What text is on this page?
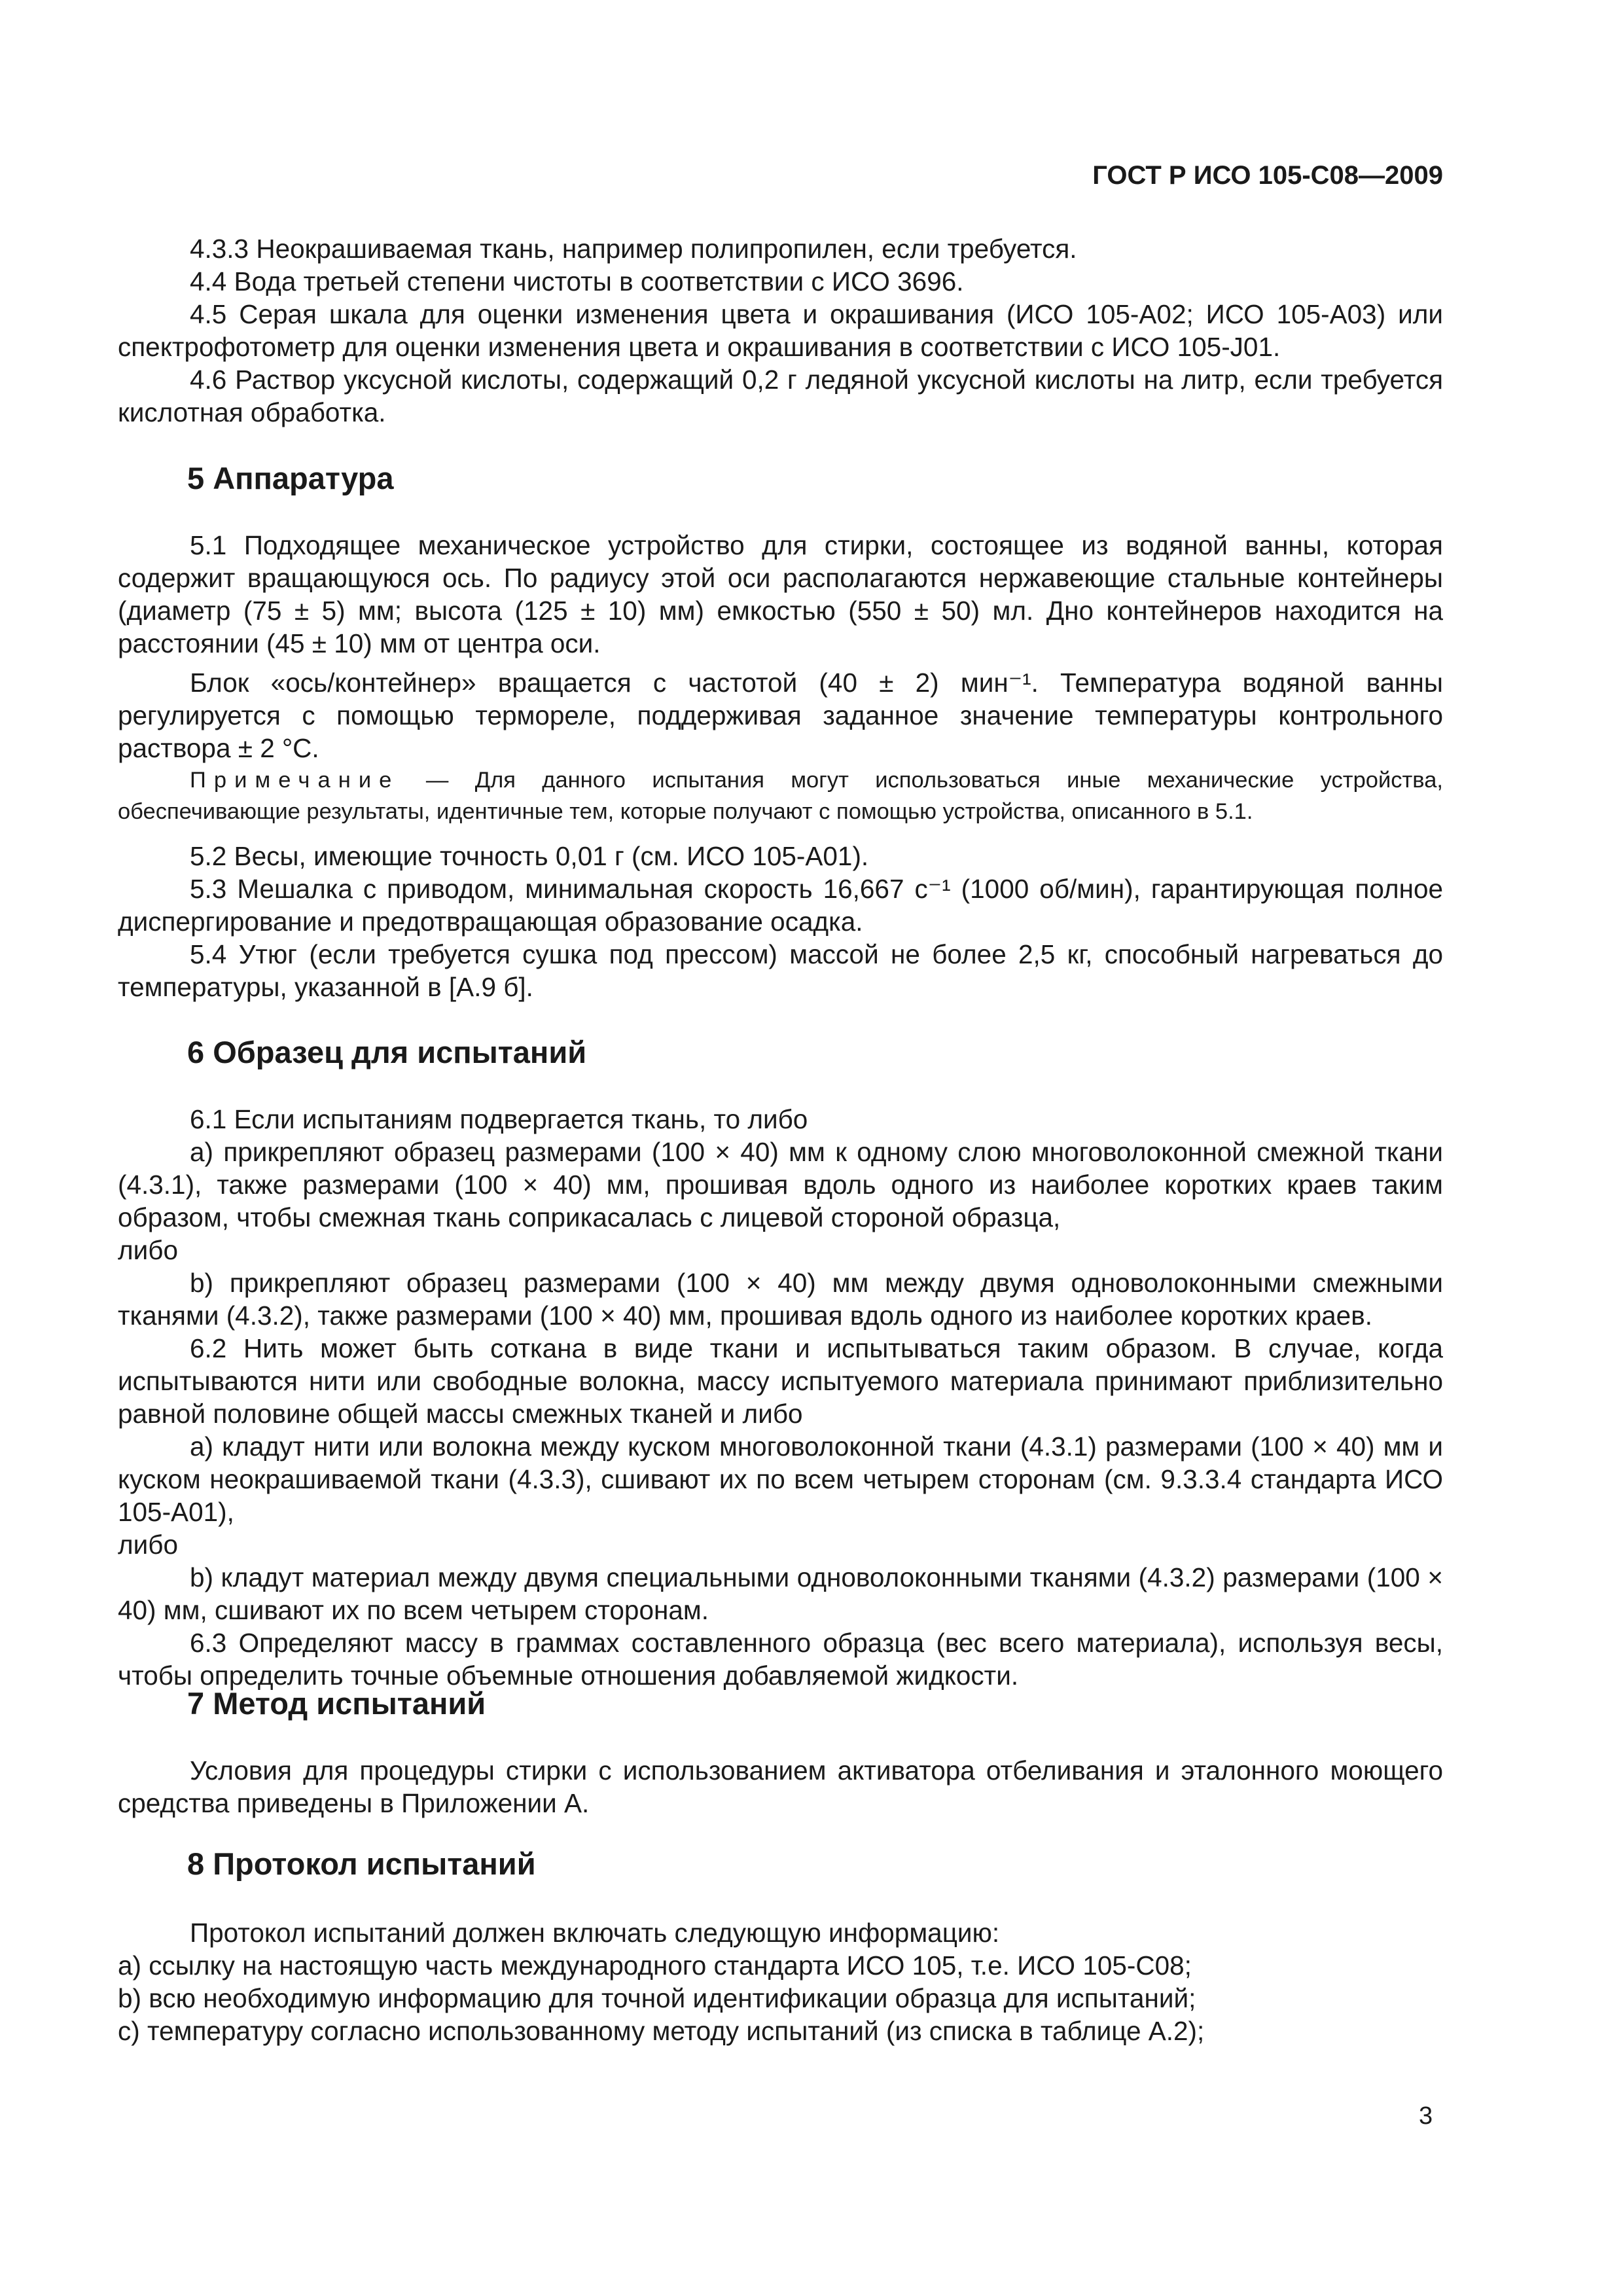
ГОСТ Р ИСО 105-С08—2009

4.3.3 Неокрашиваемая ткань, например полипропилен, если требуется.

4.4 Вода третьей степени чистоты в соответствии с ИСО 3696.

4.5 Серая шкала для оценки изменения цвета и окрашивания (ИСО 105-А02; ИСО 105-А03) или спектрофотометр для оценки изменения цвета и окрашивания в соответствии с ИСО 105-J01.

4.6 Раствор уксусной кислоты, содержащий 0,2 г ледяной уксусной кислоты на литр, если требуется кислотная обработка.

5 Аппаратура

5.1 Подходящее механическое устройство для стирки, состоящее из водяной ванны, которая содержит вращающуюся ось. По радиусу этой оси располагаются нержавеющие стальные контейнеры (диаметр (75 ± 5) мм; высота (125 ± 10) мм) емкостью (550 ± 50) мл. Дно контейнеров находится на расстоянии (45 ± 10) мм от центра оси.

Блок «ось/контейнер» вращается с частотой (40 ± 2) мин⁻¹. Температура водяной ванны регулируется с помощью термореле, поддерживая заданное значение температуры контрольного раствора ± 2 °С.

Примечание — Для данного испытания могут использоваться иные механические устройства, обеспечивающие результаты, идентичные тем, которые получают с помощью устройства, описанного в 5.1.

5.2 Весы, имеющие точность 0,01 г (см. ИСО 105-А01).

5.3 Мешалка с приводом, минимальная скорость 16,667 с⁻¹ (1000 об/мин), гарантирующая полное диспергирование и предотвращающая образование осадка.

5.4 Утюг (если требуется сушка под прессом) массой не более 2,5 кг, способный нагреваться до температуры, указанной в [А.9 б].

6 Образец для испытаний

6.1 Если испытаниям подвергается ткань, то либо

а) прикрепляют образец размерами (100 × 40) мм к одному слою многоволоконной смежной ткани (4.3.1), также размерами (100 × 40) мм, прошивая вдоль одного из наиболее коротких краев таким образом, чтобы смежная ткань соприкасалась с лицевой стороной образца,

либо

b) прикрепляют образец размерами (100 × 40) мм между двумя одноволоконными смежными тканями (4.3.2), также размерами (100 × 40) мм, прошивая вдоль одного из наиболее коротких краев.

6.2 Нить может быть соткана в виде ткани и испытываться таким образом. В случае, когда испытываются нити или свободные волокна, массу испытуемого материала принимают приблизительно равной половине общей массы смежных тканей и либо

а) кладут нити или волокна между куском многоволоконной ткани (4.3.1) размерами (100 × 40) мм и куском неокрашиваемой ткани (4.3.3), сшивают их по всем четырем сторонам (см. 9.3.3.4 стандарта ИСО 105-А01),

либо

b) кладут материал между двумя специальными одноволоконными тканями (4.3.2) размерами (100 × 40) мм, сшивают их по всем четырем сторонам.

6.3 Определяют массу в граммах составленного образца (вес всего материала), используя весы, чтобы определить точные объемные отношения добавляемой жидкости.

7 Метод испытаний

Условия для процедуры стирки с использованием активатора отбеливания и эталонного моющего средства приведены в Приложении А.

8 Протокол испытаний

Протокол испытаний должен включать следующую информацию:

а) ссылку на настоящую часть международного стандарта ИСО 105, т.е. ИСО 105-С08;

b) всю необходимую информацию для точной идентификации образца для испытаний;

с) температуру согласно использованному методу испытаний (из списка в таблице А.2);

3
